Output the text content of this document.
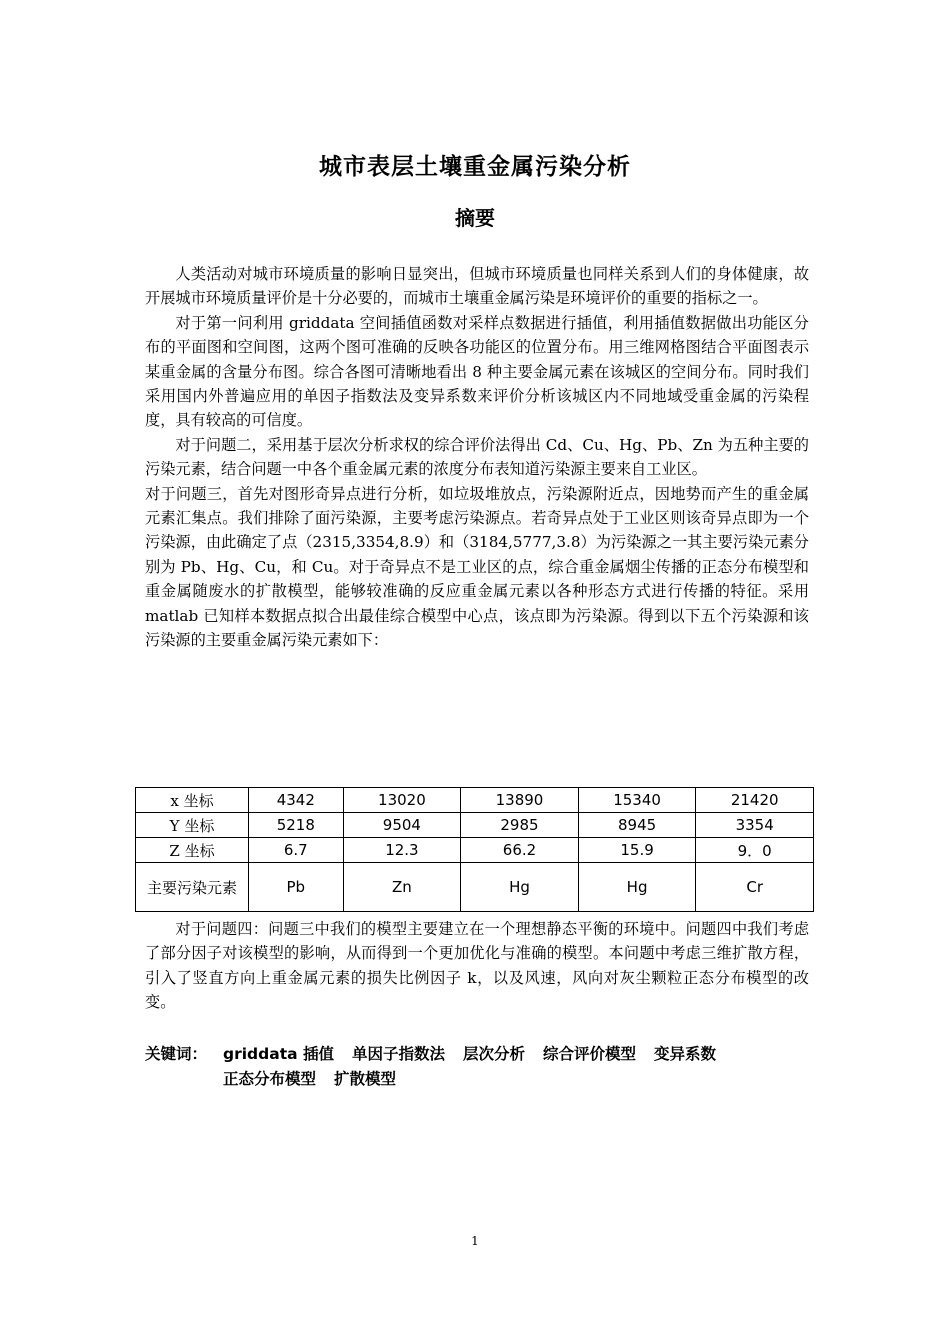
城市表层土壤重金属污染分析
摘要

人类活动对城市环境质量的影响日显突出，但城市环境质量也同样关系到人们的身体健康，故开展城市环境质量评价是十分必要的，而城市土壤重金属污染是环境评价的重要的指标之一。

对于第一问利用 griddata 空间插值函数对采样点数据进行插值，利用插值数据做出功能区分布的平面图和空间图，这两个图可准确的反映各功能区的位置分布。用三维网格图结合平面图表示某重金属的含量分布图。综合各图可清晰地看出 8 种主要金属元素在该城区的空间分布。同时我们采用国内外普遍应用的单因子指数法及变异系数来评价分析该城区内不同地域受重金属的污染程度，具有较高的可信度。

对于问题二，采用基于层次分析求权的综合评价法得出 Cd、Cu、Hg、Pb、Zn 为五种主要的污染元素，结合问题一中各个重金属元素的浓度分布表知道污染源主要来自工业区。

对于问题三，首先对图形奇异点进行分析，如垃圾堆放点，污染源附近点，因地势而产生的重金属元素汇集点。我们排除了面污染源，主要考虑污染源点。若奇异点处于工业区则该奇异点即为一个污染源，由此确定了点（2315,3354,8.9）和（3184,5777,3.8）为污染源之一其主要污染元素分别为 Pb、Hg、Cu，和 Cu。对于奇异点不是工业区的点，综合重金属烟尘传播的正态分布模型和重金属随废水的扩散模型，能够较准确的反应重金属元素以各种形态方式进行传播的特征。采用 matlab 已知样本数据点拟合出最佳综合模型中心点，该点即为污染源。得到以下五个污染源和该污染源的主要重金属污染元素如下：

x 坐标	4342	13020	13890	15340	21420
Y 坐标	5218	9504	2985	8945	3354
Z 坐标	6.7	12.3	66.2	15.9	9．0
主要污染元素	Pb	Zn	Hg	Hg	Cr

对于问题四：问题三中我们的模型主要建立在一个理想静态平衡的环境中。问题四中我们考虑了部分因子对该模型的影响，从而得到一个更加优化与准确的模型。本问题中考虑三维扩散方程，引入了竖直方向上重金属元素的损失比例因子 k，以及风速，风向对灰尘颗粒正态分布模型的改变。

关键词： griddata 插值 单因子指数法 层次分析 综合评价模型 变异系数
正态分布模型 扩散模型
1
